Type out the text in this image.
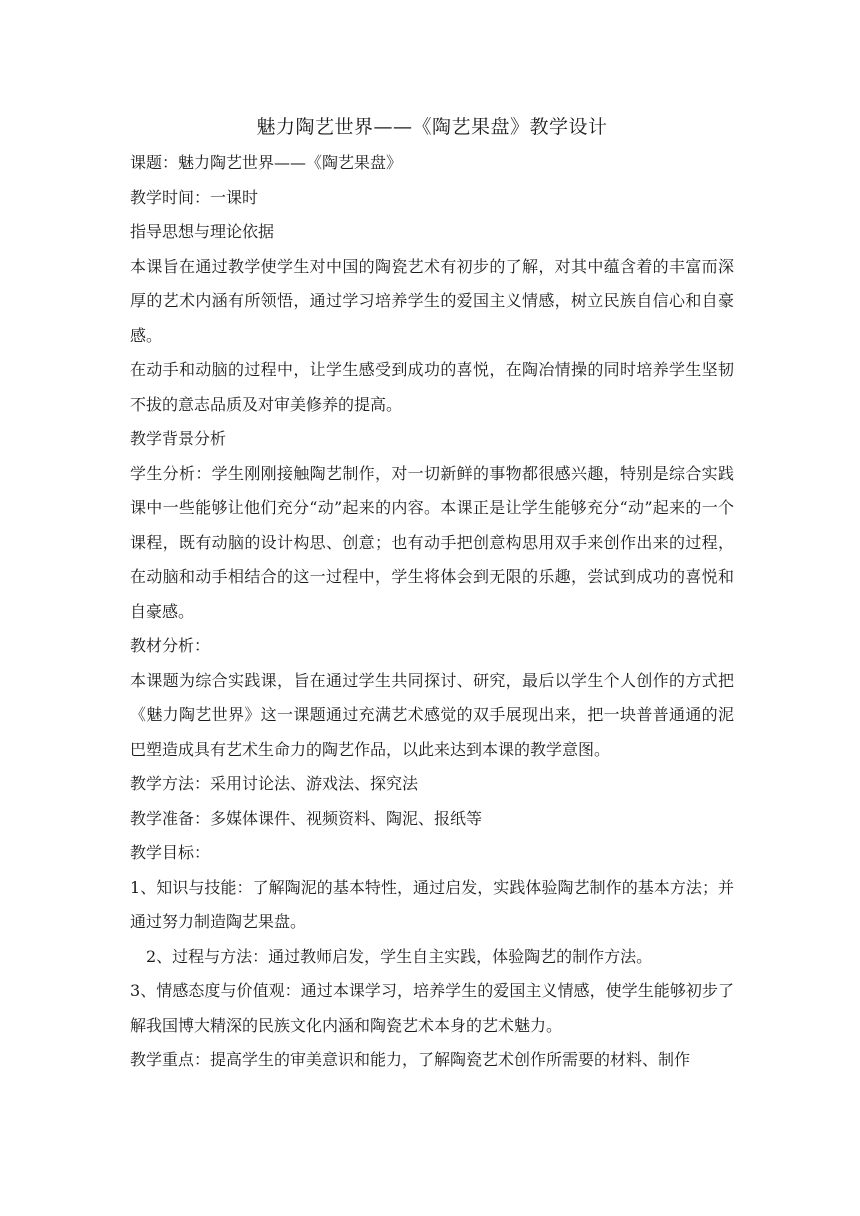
魅力陶艺世界——《陶艺果盘》教学设计

课题：魅力陶艺世界——《陶艺果盘》

教学时间：一课时

指导思想与理论依据

本课旨在通过教学使学生对中国的陶瓷艺术有初步的了解，对其中蕴含着的丰富而深厚的艺术内涵有所领悟，通过学习培养学生的爱国主义情感，树立民族自信心和自豪感。

在动手和动脑的过程中，让学生感受到成功的喜悦，在陶冶情操的同时培养学生坚韧不拔的意志品质及对审美修养的提高。

教学背景分析

学生分析：学生刚刚接触陶艺制作，对一切新鲜的事物都很感兴趣，特别是综合实践课中一些能够让他们充分“动”起来的内容。本课正是让学生能够充分“动”起来的一个课程，既有动脑的设计构思、创意；也有动手把创意构思用双手来创作出来的过程，在动脑和动手相结合的这一过程中，学生将体会到无限的乐趣，尝试到成功的喜悦和自豪感。

教材分析：

本课题为综合实践课，旨在通过学生共同探讨、研究，最后以学生个人创作的方式把《魅力陶艺世界》这一课题通过充满艺术感觉的双手展现出来，把一块普普通通的泥巴塑造成具有艺术生命力的陶艺作品，以此来达到本课的教学意图。

教学方法：采用讨论法、游戏法、探究法

教学准备：多媒体课件、视频资料、陶泥、报纸等

教学目标：

1、知识与技能：了解陶泥的基本特性，通过启发，实践体验陶艺制作的基本方法；并通过努力制造陶艺果盘。

2、过程与方法：通过教师启发，学生自主实践，体验陶艺的制作方法。

3、情感态度与价值观：通过本课学习，培养学生的爱国主义情感，使学生能够初步了解我国博大精深的民族文化内涵和陶瓷艺术本身的艺术魅力。

教学重点：提高学生的审美意识和能力，了解陶瓷艺术创作所需要的材料、制作
